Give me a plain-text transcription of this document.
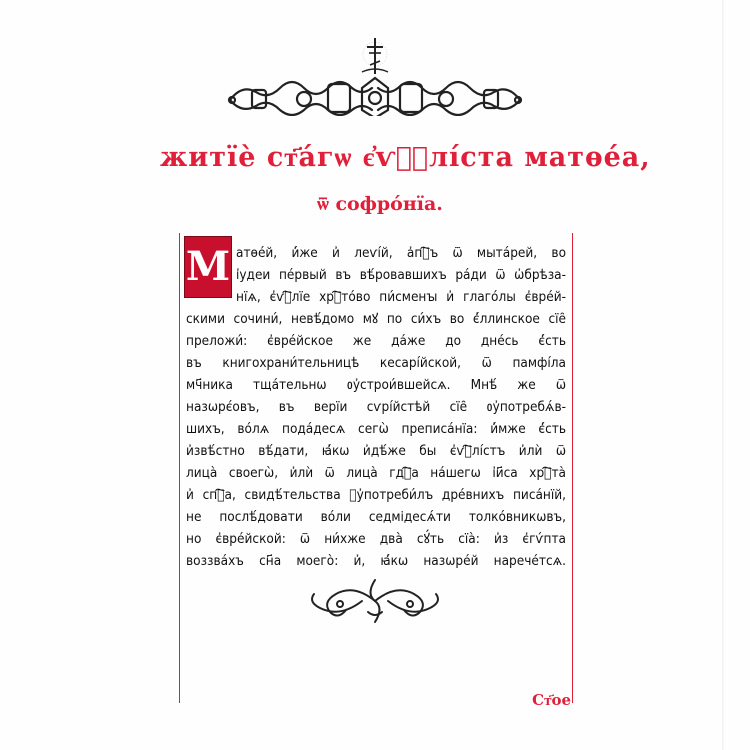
житїѐ ст҃а́гѡ є҆ѵⷢ҇лі́ста матѳе́а,
ѿ софро́нїа.
М атѳе́й, и҆́же и҆ леѵі́й, а҆пⷧ҇ъ ѿ мыта́рей, во
і҆удеи пе́рвый въ вѣ́ровавшихъ ра́ди ѿ ѡ҆брѣза-
нїѧ, є҆ѵⷢ҇лїе хрⷭ҇то́во пи́сменꙑ и҆ глаго́лы є҆вре́й-
скими сочини́, невѣ́домо мꙋ по си́хъ во є҆́ллинское сїе̑
преложи́: є҆вре́йское же да́же до дне́сь є҆́сть
въ книгохрани́тельницѣ кесарі́йской, ѿ памфі́ла
мч҃ника тща́тельнѡ ᲂу҆строи́вшейсѧ. Мнѣ́ же ѿ
назѡрє́овъ, въ верїи сѵрі́йстѣй сїе̑ ᲂу҆потребѧ́в-
шихъ, во́лѧ пода́десѧ сегѡ̀ преписа́нїа: и҆́мже є҆́сть
и҆звѣ́стно вѣ́дати, ꙗ҆́кѡ и҆дѣ́же бы є҆ѵⷢ҇лі́стъ и҆лѝ ѿ
лица̀ своегѡ̀, и҆лѝ ѿ лица̀ гдⷭ҇а на́шегѡ і҆и҃са хрⷭ҇та̀
и҆ спⷭ҇а, свидѣ́тельства ᲂу҆потреби́лъ дре́внихъ писа́нїй,
не послѣ́довати во́ли седмідесѧ́ти толко́вникѡвъ,
но є҆вре́йской: ѿ ни́хже два̀ сꙋ́ть сїа̀: и҆з є҆гѵ́пта
воззва́хъ сн҃а моего̀: и҆, ꙗ҆́кѡ назѡре́й нарече́тсѧ.
Ст҃ое
